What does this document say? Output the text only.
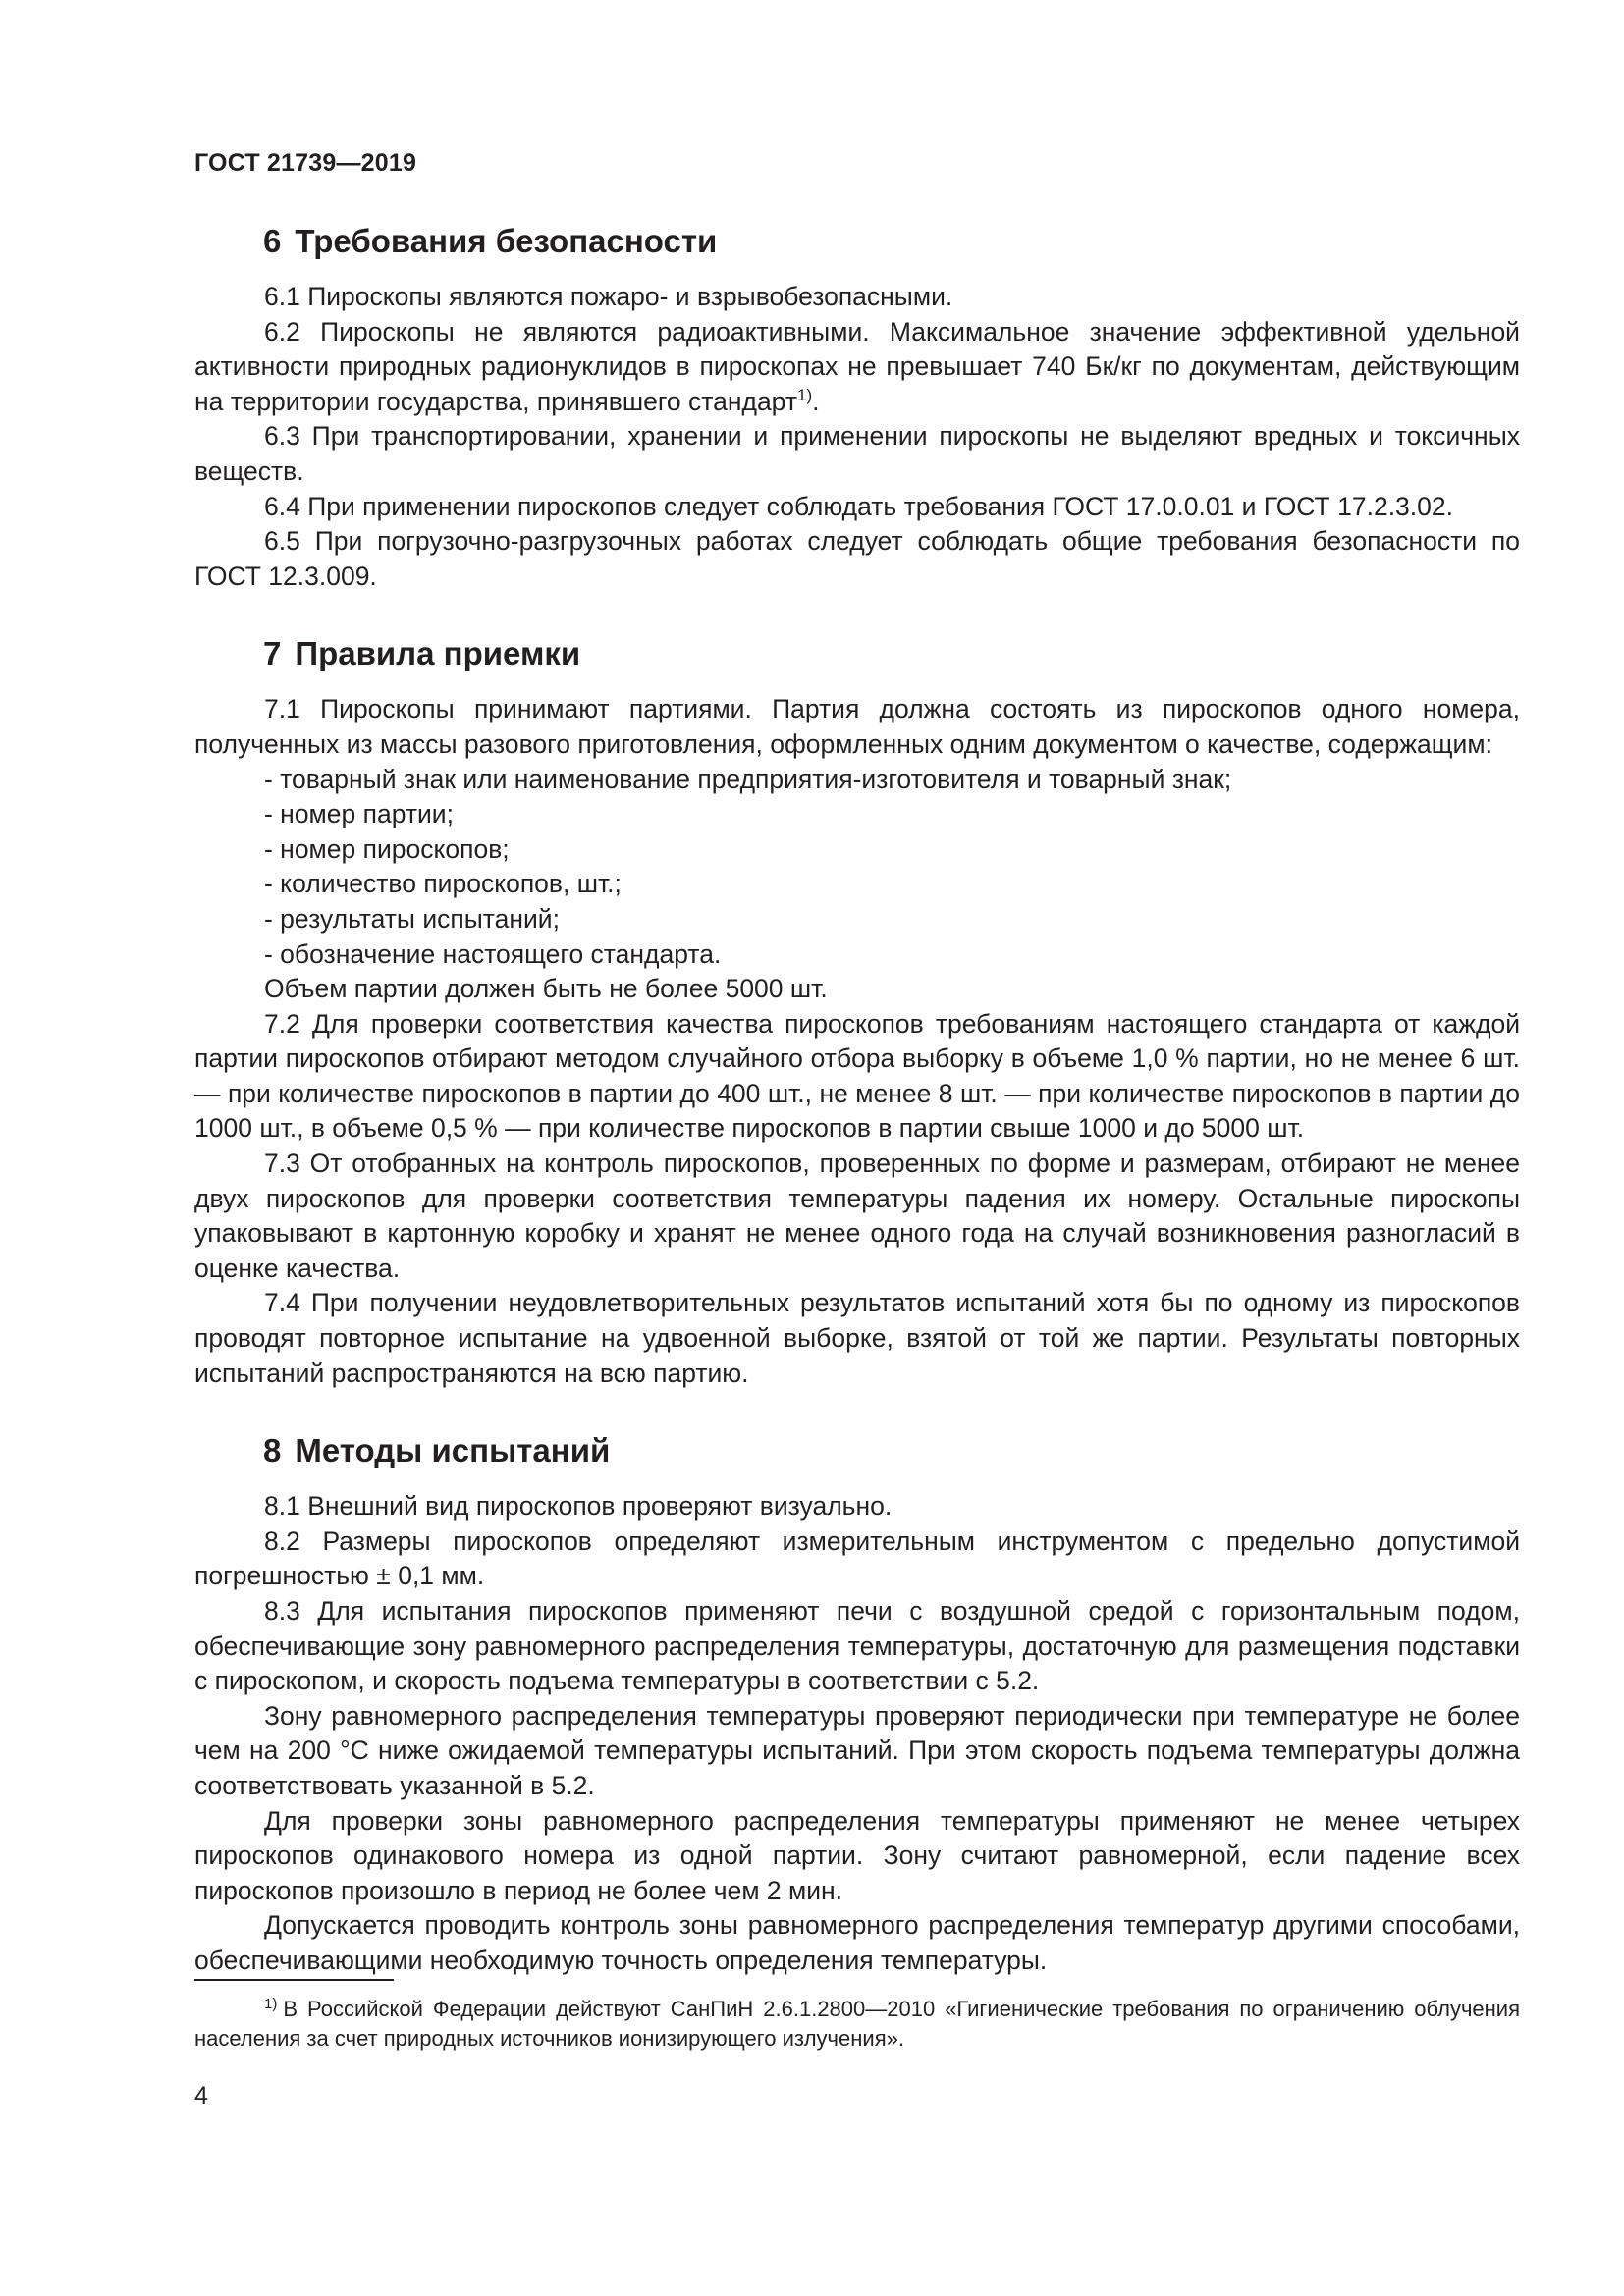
ГОСТ 21739—2019
6 Требования безопасности

6.1 Пироскопы являются пожаро- и взрывобезопасными.

6.2 Пироскопы не являются радиоактивными. Максимальное значение эффективной удельной активности природных радионуклидов в пироскопах не превышает 740 Бк/кг по документам, действующим на территории государства, принявшего стандарт$^{1)}$.

6.3 При транспортировании, хранении и применении пироскопы не выделяют вредных и токсичных веществ.

6.4 При применении пироскопов следует соблюдать требования ГОСТ 17.0.0.01 и ГОСТ 17.2.3.02.

6.5 При погрузочно-разгрузочных работах следует соблюдать общие требования безопасности по ГОСТ 12.3.009.

7 Правила приемки

7.1 Пироскопы принимают партиями. Партия должна состоять из пироскопов одного номера, полученных из массы разового приготовления, оформленных одним документом о качестве, содержащим:

- товарный знак или наименование предприятия-изготовителя и товарный знак;

- номер партии;

- номер пироскопов;

- количество пироскопов, шт.;

- результаты испытаний;

- обозначение настоящего стандарта.

Объем партии должен быть не более 5000 шт.

7.2 Для проверки соответствия качества пироскопов требованиям настоящего стандарта от каждой партии пироскопов отбирают методом случайного отбора выборку в объеме 1,0 % партии, но не менее 6 шт. — при количестве пироскопов в партии до 400 шт., не менее 8 шт. — при количестве пироскопов в партии до 1000 шт., в объеме 0,5 % — при количестве пироскопов в партии свыше 1000 и до 5000 шт.

7.3 От отобранных на контроль пироскопов, проверенных по форме и размерам, отбирают не менее двух пироскопов для проверки соответствия температуры падения их номеру. Остальные пироскопы упаковывают в картонную коробку и хранят не менее одного года на случай возникновения разногласий в оценке качества.

7.4 При получении неудовлетворительных результатов испытаний хотя бы по одному из пироскопов проводят повторное испытание на удвоенной выборке, взятой от той же партии. Результаты повторных испытаний распространяются на всю партию.

8 Методы испытаний

8.1 Внешний вид пироскопов проверяют визуально.

8.2 Размеры пироскопов определяют измерительным инструментом с предельно допустимой погрешностью ± 0,1 мм.

8.3 Для испытания пироскопов применяют печи с воздушной средой с горизонтальным подом, обеспечивающие зону равномерного распределения температуры, достаточную для размещения подставки с пироскопом, и скорость подъема температуры в соответствии с 5.2.

Зону равномерного распределения температуры проверяют периодически при температуре не более чем на 200 °С ниже ожидаемой температуры испытаний. При этом скорость подъема температуры должна соответствовать указанной в 5.2.

Для проверки зоны равномерного распределения температуры применяют не менее четырех пироскопов одинакового номера из одной партии. Зону считают равномерной, если падение всех пироскопов произошло в период не более чем 2 мин.

Допускается проводить контроль зоны равномерного распределения температур другими способами, обеспечивающими необходимую точность определения температуры.

$^{1)}$ В Российской Федерации действуют СанПиН 2.6.1.2800—2010 «Гигиенические требования по ограничению облучения населения за счет природных источников ионизирующего излучения».
4
